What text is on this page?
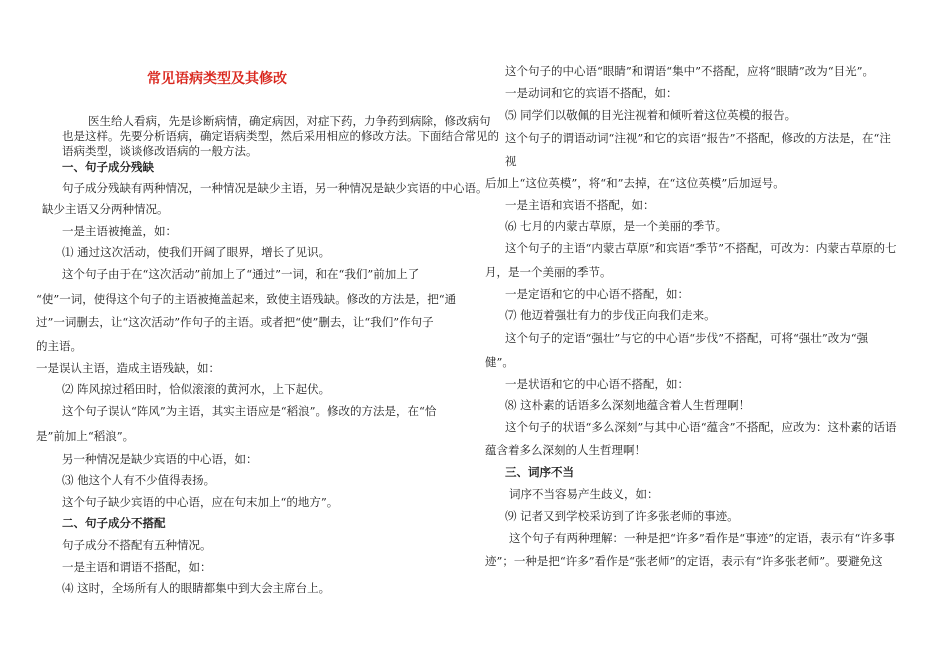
常见语病类型及其修改

医生给人看病，先是诊断病情，确定病因，对症下药，力争药到病除，修改病句

也是这样。先要分析语病，确定语病类型，然后采用相应的修改方法。下面结合常见的

语病类型，谈谈修改语病的一般方法。

一、句子成分残缺

句子成分残缺有两种情况，一种情况是缺少主语，另一种情况是缺少宾语的中心语。

缺少主语又分两种情况。

一是主语被掩盖，如：

⑴ 通过这次活动，使我们开阔了眼界，增长了见识。

这个句子由于在“这次活动”前加上了“通过”一词，和在“我们”前加上了

“使”一词，使得这个句子的主语被掩盖起来，致使主语残缺。修改的方法是，把“通

过”一词删去，让“这次活动”作句子的主语。或者把“使”删去，让“我们”作句子

的主语。

一是误认主语，造成主语残缺，如：

⑵ 阵风掠过稻田时，恰似滚滚的黄河水，上下起伏。

这个句子误认“阵风”为主语，其实主语应是“稻浪”。修改的方法是，在“恰

是”前加上“稻浪”。

另一种情况是缺少宾语的中心语，如：

⑶ 他这个人有不少值得表扬。

这个句子缺少宾语的中心语，应在句末加上“的地方”。

二、句子成分不搭配

句子成分不搭配有五种情况。

一是主语和谓语不搭配，如：

⑷ 这时，全场所有人的眼睛都集中到大会主席台上。

这个句子的中心语“眼睛”和谓语“集中”不搭配，应将“眼睛”改为“目光”。

一是动词和它的宾语不搭配，如：

⑸ 同学们以敬佩的目光注视着和倾听着这位英模的报告。

这个句子的谓语动词“注视”和它的宾语“报告”不搭配，修改的方法是，在“注

视

后加上“这位英模”，将“和”去掉，在“这位英模”后加逗号。

一是主语和宾语不搭配，如：

⑹ 七月的内蒙古草原，是一个美丽的季节。

这个句子的主语“内蒙古草原”和宾语“季节”不搭配，可改为：内蒙古草原的七

月，是一个美丽的季节。

一是定语和它的中心语不搭配，如：

⑺ 他迈着强壮有力的步伐正向我们走来。

这个句子的定语“强壮”与它的中心语“步伐”不搭配，可将“强壮”改为“强

健”。

一是状语和它的中心语不搭配，如：

⑻ 这朴素的话语多么深刻地蕴含着人生哲理啊！

这个句子的状语“多么深刻”与其中心语“蕴含”不搭配，应改为：这朴素的话语

蕴含着多么深刻的人生哲理啊！

三、词序不当

词序不当容易产生歧义，如：

⑼ 记者又到学校采访到了许多张老师的事迹。

这个句子有两种理解：一种是把“许多”看作是“事迹”的定语，表示有“许多事

迹”；一种是把“许多”看作是“张老师”的定语，表示有“许多张老师”。要避免这
